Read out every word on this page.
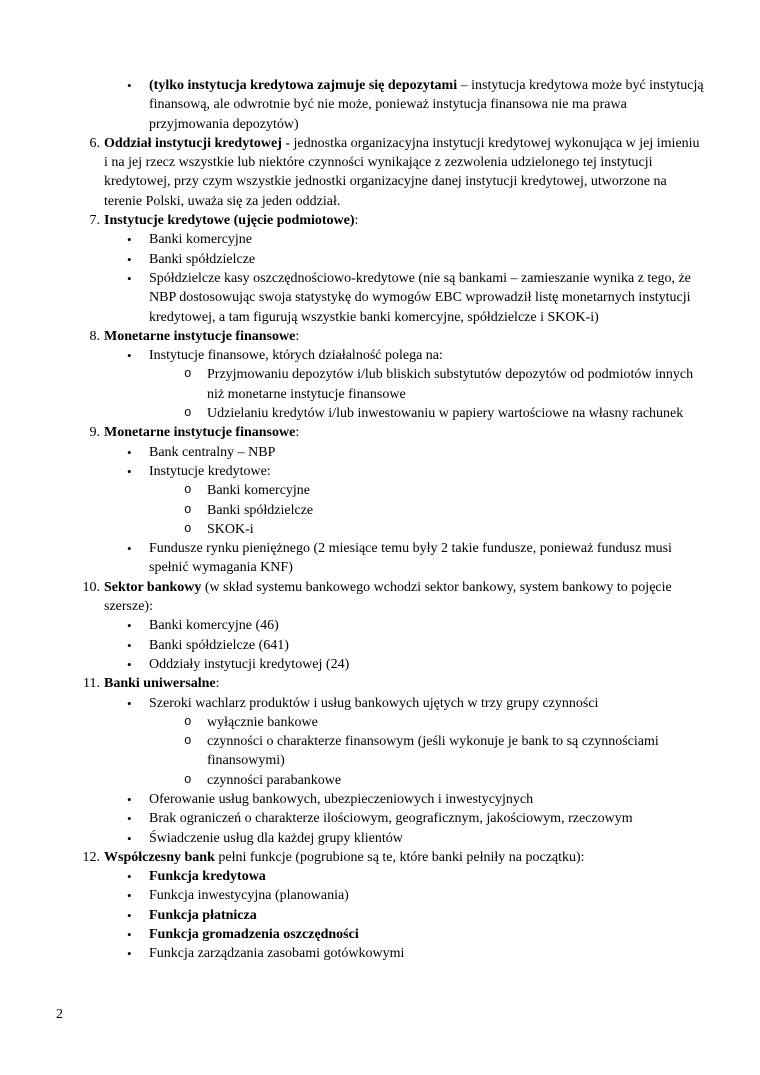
• (tylko instytucja kredytowa zajmuje się depozytami – instytucja kredytowa może być instytucją finansową, ale odwrotnie być nie może, ponieważ instytucja finansowa nie ma prawa przyjmowania depozytów)
6. Oddział instytucji kredytowej - jednostka organizacyjna instytucji kredytowej wykonująca w jej imieniu i na jej rzecz wszystkie lub niektóre czynności wynikające z zezwolenia udzielonego tej instytucji kredytowej, przy czym wszystkie jednostki organizacyjne danej instytucji kredytowej, utworzone na terenie Polski, uważa się za jeden oddział.
7. Instytucje kredytowe (ujęcie podmiotowe):
• Banki komercyjne
• Banki spółdzielcze
• Spółdzielcze kasy oszczędnościowo-kredytowe (nie są bankami – zamieszanie wynika z tego, że NBP dostosowując swoja statystykę do wymogów EBC wprowadził listę monetarnych instytucji kredytowej, a tam figurują wszystkie banki komercyjne, spółdzielcze i SKOK-i)
8. Monetarne instytucje finansowe:
• Instytucje finansowe, których działalność polega na:
o Przyjmowaniu depozytów i/lub bliskich substytutów depozytów od podmiotów innych niż monetarne instytucje finansowe
o Udzielaniu kredytów i/lub inwestowaniu w papiery wartościowe na własny rachunek
9. Monetarne instytucje finansowe:
• Bank centralny – NBP
• Instytucje kredytowe:
o Banki komercyjne
o Banki spółdzielcze
o SKOK-i
• Fundusze rynku pieniężnego (2 miesiące temu były 2 takie fundusze, ponieważ fundusz musi spełnić wymagania KNF)
10. Sektor bankowy (w skład systemu bankowego wchodzi sektor bankowy, system bankowy to pojęcie szersze):
• Banki komercyjne (46)
• Banki spółdzielcze (641)
• Oddziały instytucji kredytowej (24)
11. Banki uniwersalne:
• Szeroki wachlarz produktów i usług bankowych ujętych w trzy grupy czynności
o wyłącznie bankowe
o czynności o charakterze finansowym (jeśli wykonuje je bank to są czynnościami finansowymi)
o czynności parabankowe
• Oferowanie usług bankowych, ubezpieczeniowych i inwestycyjnych
• Brak ograniczeń o charakterze ilościowym, geograficznym, jakościowym, rzeczowym
• Świadczenie usług dla każdej grupy klientów
12. Współczesny bank pełni funkcje (pogrubione są te, które banki pełniły na początku):
• Funkcja kredytowa
• Funkcja inwestycyjna (planowania)
• Funkcja płatnicza
• Funkcja gromadzenia oszczędności
• Funkcja zarządzania zasobami gotówkowymi
2
